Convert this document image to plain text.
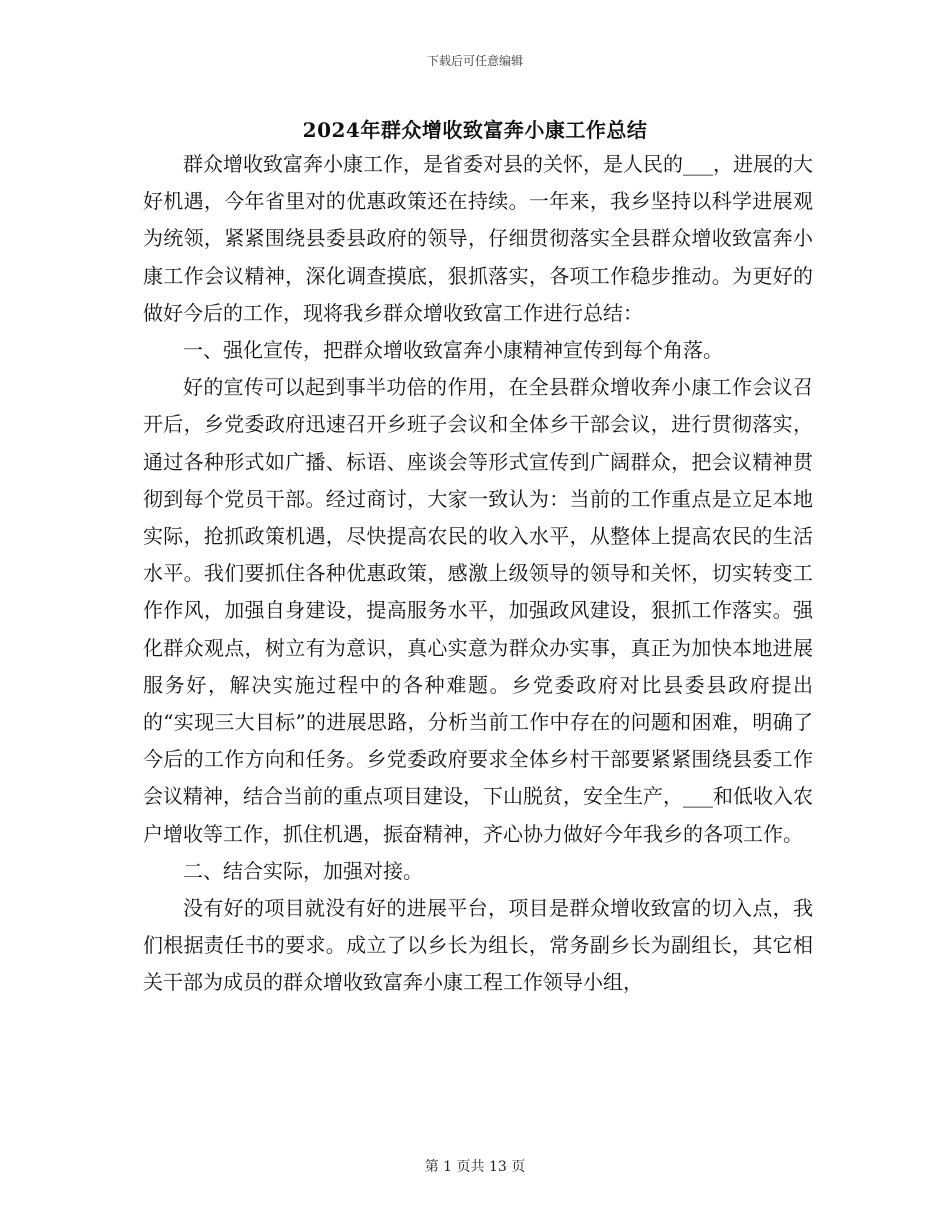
下载后可任意编辑
2024年群众增收致富奔小康工作总结

群众增收致富奔小康工作，是省委对县的关怀，是人民的___，进展的大好机遇，今年省里对的优惠政策还在持续。一年来，我乡坚持以科学进展观为统领，紧紧围绕县委县政府的领导，仔细贯彻落实全县群众增收致富奔小康工作会议精神，深化调查摸底，狠抓落实，各项工作稳步推动。为更好的做好今后的工作，现将我乡群众增收致富工作进行总结：

一、强化宣传，把群众增收致富奔小康精神宣传到每个角落。

好的宣传可以起到事半功倍的作用，在全县群众增收奔小康工作会议召开后，乡党委政府迅速召开乡班子会议和全体乡干部会议，进行贯彻落实，通过各种形式如广播、标语、座谈会等形式宣传到广阔群众，把会议精神贯彻到每个党员干部。经过商讨，大家一致认为：当前的工作重点是立足本地实际，抢抓政策机遇，尽快提高农民的收入水平，从整体上提高农民的生活水平。我们要抓住各种优惠政策，感激上级领导的领导和关怀，切实转变工作作风，加强自身建设，提高服务水平，加强政风建设，狠抓工作落实。强化群众观点，树立有为意识，真心实意为群众办实事，真正为加快本地进展服务好，解决实施过程中的各种难题。乡党委政府对比县委县政府提出的“实现三大目标”的进展思路，分析当前工作中存在的问题和困难，明确了今后的工作方向和任务。乡党委政府要求全体乡村干部要紧紧围绕县委工作会议精神，结合当前的重点项目建设，下山脱贫，安全生产，___和低收入农户增收等工作，抓住机遇，振奋精神，齐心协力做好今年我乡的各项工作。

二、结合实际，加强对接。

没有好的项目就没有好的进展平台，项目是群众增收致富的切入点，我们根据责任书的要求。成立了以乡长为组长，常务副乡长为副组长，其它相关干部为成员的群众增收致富奔小康工程工作领导小组，

第 1 页共 13 页
